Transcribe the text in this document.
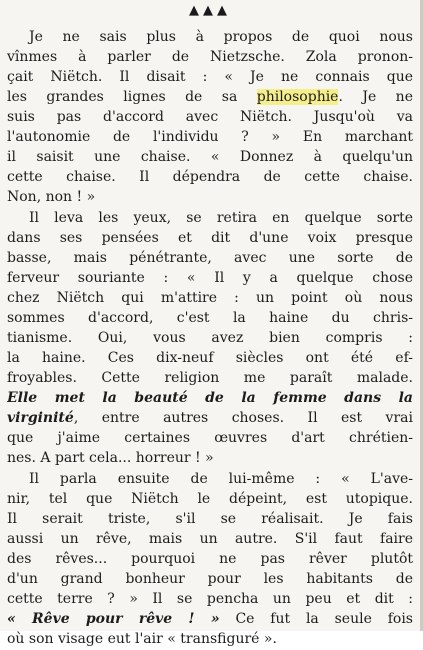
▲▲▲
Je ne sais plus à propos de quoi nous
vînmes à parler de Nietzsche. Zola pronon-
çait Niëtch. Il disait : « Je ne connais que
les grandes lignes de sa philosophie. Je ne
suis pas d'accord avec Niëtch. Jusqu'où va
l'autonomie de l'individu ? » En marchant
il saisit une chaise. « Donnez à quelqu'un
cette chaise. Il dépendra de cette chaise.
Non, non ! »
Il leva les yeux, se retira en quelque sorte
dans ses pensées et dit d'une voix presque
basse, mais pénétrante, avec une sorte de
ferveur souriante : « Il y a quelque chose
chez Niëtch qui m'attire : un point où nous
sommes d'accord, c'est la haine du chris-
tianisme. Oui, vous avez bien compris :
la haine. Ces dix-neuf siècles ont été ef-
froyables. Cette religion me paraît malade.
Elle met la beauté de la femme dans la
virginité, entre autres choses. Il est vrai
que j'aime certaines œuvres d'art chrétien-
nes. A part cela... horreur ! »
Il parla ensuite de lui-même : « L'ave-
nir, tel que Niëtch le dépeint, est utopique.
Il serait triste, s'il se réalisait. Je fais
aussi un rêve, mais un autre. S'il faut faire
des rêves... pourquoi ne pas rêver plutôt
d'un grand bonheur pour les habitants de
cette terre ? » Il se pencha un peu et dit :
« Rêve pour rêve ! » Ce fut la seule fois
où son visage eut l'air « transfiguré ».
